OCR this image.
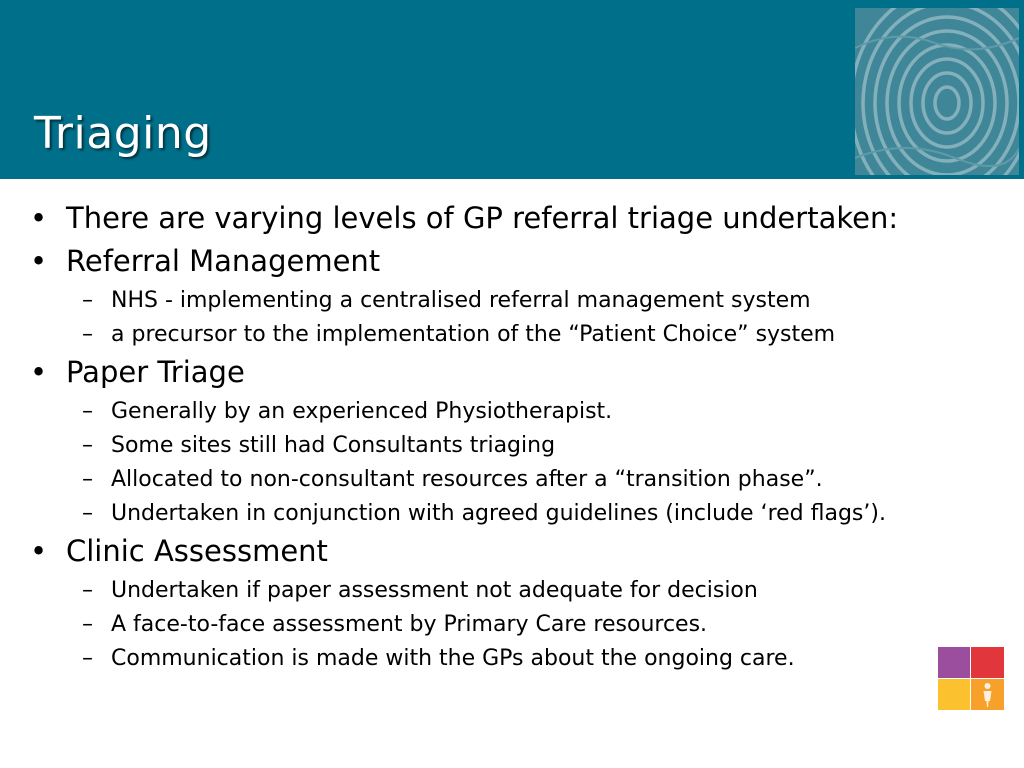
Triaging
• There are varying levels of GP referral triage undertaken:
• Referral Management
– NHS - implementing a centralised referral management system
– a precursor to the implementation of the “Patient Choice” system
• Paper Triage
– Generally by an experienced Physiotherapist.
– Some sites still had Consultants triaging
– Allocated to non-consultant resources after a “transition phase”.
– Undertaken in conjunction with agreed guidelines (include ‘red flags’).
• Clinic Assessment
– Undertaken if paper assessment not adequate for decision
– A face-to-face assessment by Primary Care resources.
– Communication is made with the GPs about the ongoing care.
